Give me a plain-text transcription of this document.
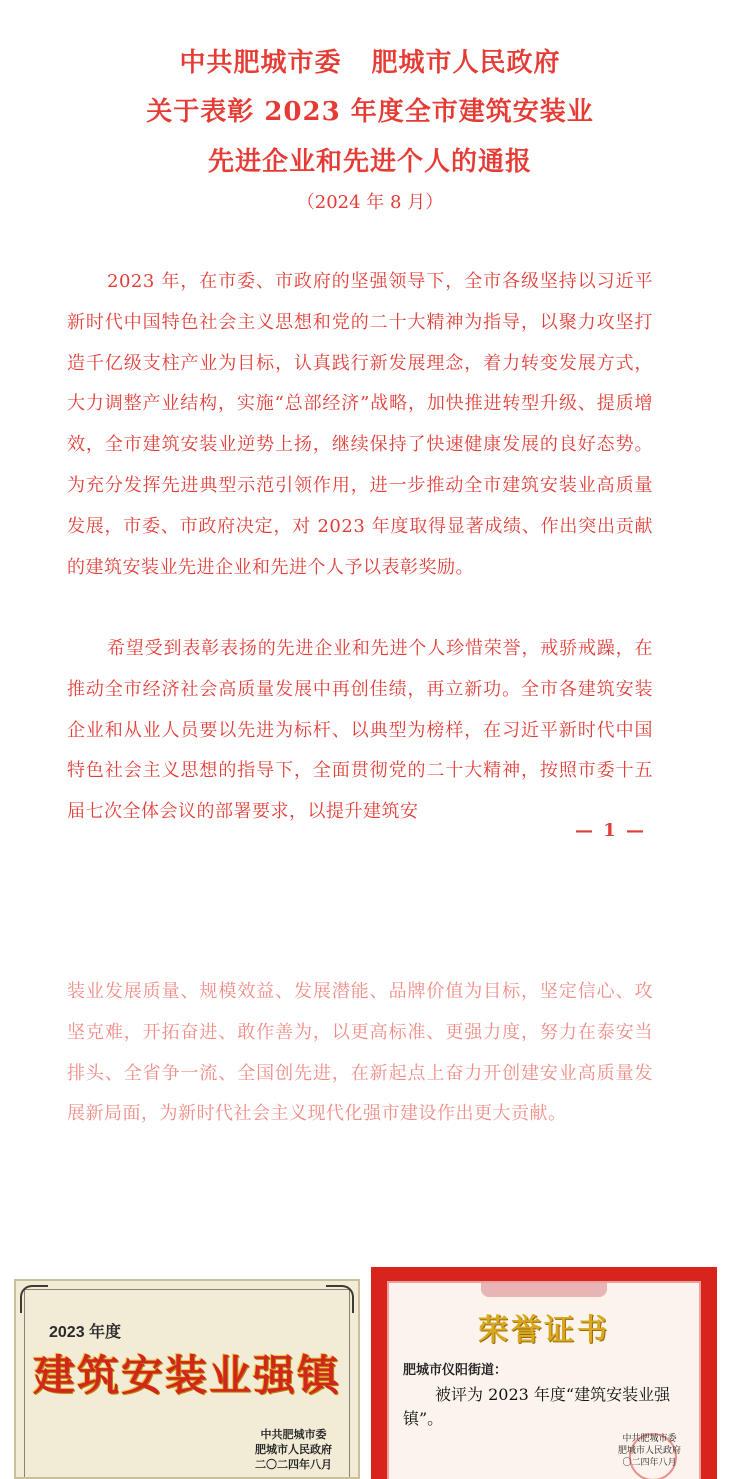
中共肥城市委 肥城市人民政府
关于表彰 2023 年度全市建筑安装业
先进企业和先进个人的通报
（2024 年 8 月）

2023 年，在市委、市政府的坚强领导下，全市各级坚持以习近平新时代中国特色社会主义思想和党的二十大精神为指导，以聚力攻坚打造千亿级支柱产业为目标，认真践行新发展理念，着力转变发展方式，大力调整产业结构，实施“总部经济”战略，加快推进转型升级、提质增效，全市建筑安装业逆势上扬，继续保持了快速健康发展的良好态势。为充分发挥先进典型示范引领作用，进一步推动全市建筑安装业高质量发展，市委、市政府决定，对 2023 年度取得显著成绩、作出突出贡献的建筑安装业先进企业和先进个人予以表彰奖励。

希望受到表彰表扬的先进企业和先进个人珍惜荣誉，戒骄戒躁，在推动全市经济社会高质量发展中再创佳绩，再立新功。全市各建筑安装企业和从业人员要以先进为标杆、以典型为榜样，在习近平新时代中国特色社会主义思想的指导下，全面贯彻党的二十大精神，按照市委十五届七次全体会议的部署要求，以提升建筑安

— 1 —

装业发展质量、规模效益、发展潜能、品牌价值为目标，坚定信心、攻坚克难，开拓奋进、敢作善为，以更高标准、更强力度，努力在泰安当排头、全省争一流、全国创先进，在新起点上奋力开创建安业高质量发展新局面，为新时代社会主义现代化强市建设作出更大贡献。

2023 年度
建筑安装业强镇
中共肥城市委
肥城市人民政府
二〇二四年八月
荣誉证书
肥城市仪阳街道：
被评为 2023 年度“建筑安装业强镇”。
中共肥城市委
肥城市人民政府
〇二四年八月
